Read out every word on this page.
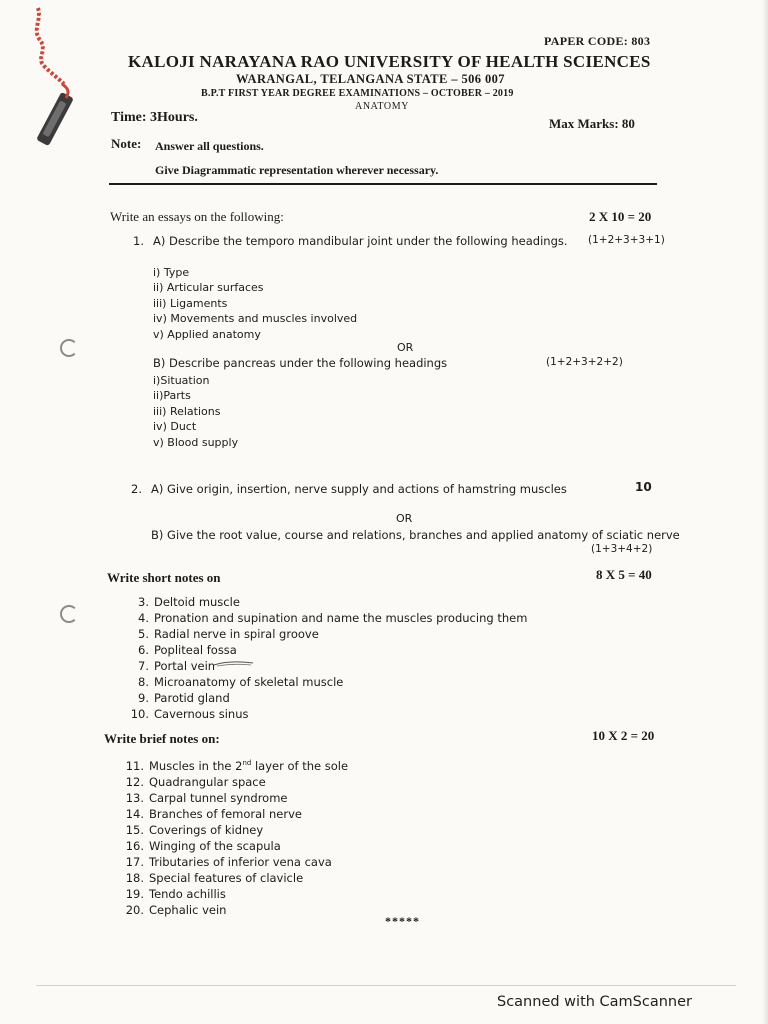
PAPER CODE: 803
KALOJI NARAYANA RAO UNIVERSITY OF HEALTH SCIENCES
WARANGAL, TELANGANA STATE – 506 007
B.P.T FIRST YEAR DEGREE EXAMINATIONS – OCTOBER – 2019
ANATOMY
Time: 3Hours.	Max Marks: 80
Note: Answer all questions.
Give Diagrammatic representation wherever necessary.
Write an essays on the following:	2 X 10 = 20
1. A) Describe the temporo mandibular joint under the following headings. (1+2+3+3+1)
i) Type
ii) Articular surfaces
iii) Ligaments
iv) Movements and muscles involved
v) Applied anatomy
OR
B) Describe pancreas under the following headings	(1+2+3+2+2)
i)Situation
ii)Parts
iii) Relations
iv) Duct
v) Blood supply
2. A) Give origin, insertion, nerve supply and actions of hamstring muscles	10
OR
B) Give the root value, course and relations, branches and applied anatomy of sciatic nerve
(1+3+4+2)
Write short notes on	8 X 5 = 40
3. Deltoid muscle
4. Pronation and supination and name the muscles producing them
5. Radial nerve in spiral groove
6. Popliteal fossa
7. Portal vein
8. Microanatomy of skeletal muscle
9. Parotid gland
10. Cavernous sinus
Write brief notes on:	10 X 2 = 20
11. Muscles in the 2nd layer of the sole
12. Quadrangular space
13. Carpal tunnel syndrome
14. Branches of femoral nerve
15. Coverings of kidney
16. Winging of the scapula
17. Tributaries of inferior vena cava
18. Special features of clavicle
19. Tendo achillis
20. Cephalic vein
*****
Scanned with CamScanner
